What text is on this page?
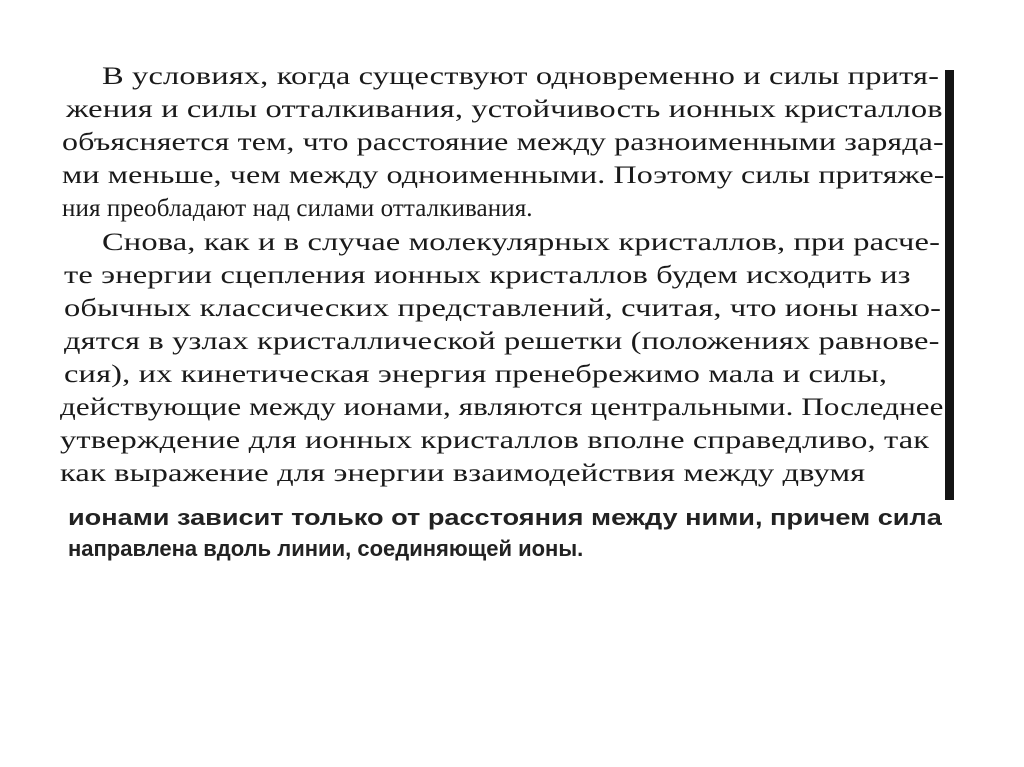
В условиях, когда существуют одновременно и силы притя-
жения и силы отталкивания, устойчивость ионных кристаллов
объясняется тем, что расстояние между разноименными заряда-
ми меньше, чем между одноименными. Поэтому силы притяже-
ния преобладают над силами отталкивания.
Снова, как и в случае молекулярных кристаллов, при расче-
те энергии сцепления ионных кристаллов будем исходить из
обычных классических представлений, считая, что ионы нахо-
дятся в узлах кристаллической решетки (положениях равнове-
сия), их кинетическая энергия пренебрежимо мала и силы,
действующие между ионами, являются центральными. Последнее
утверждение для ионных кристаллов вполне справедливо, так
как выражение для энергии взаимодействия между двумя
ионами зависит только от расстояния между ними, причем сила
направлена вдоль линии, соединяющей ионы.
